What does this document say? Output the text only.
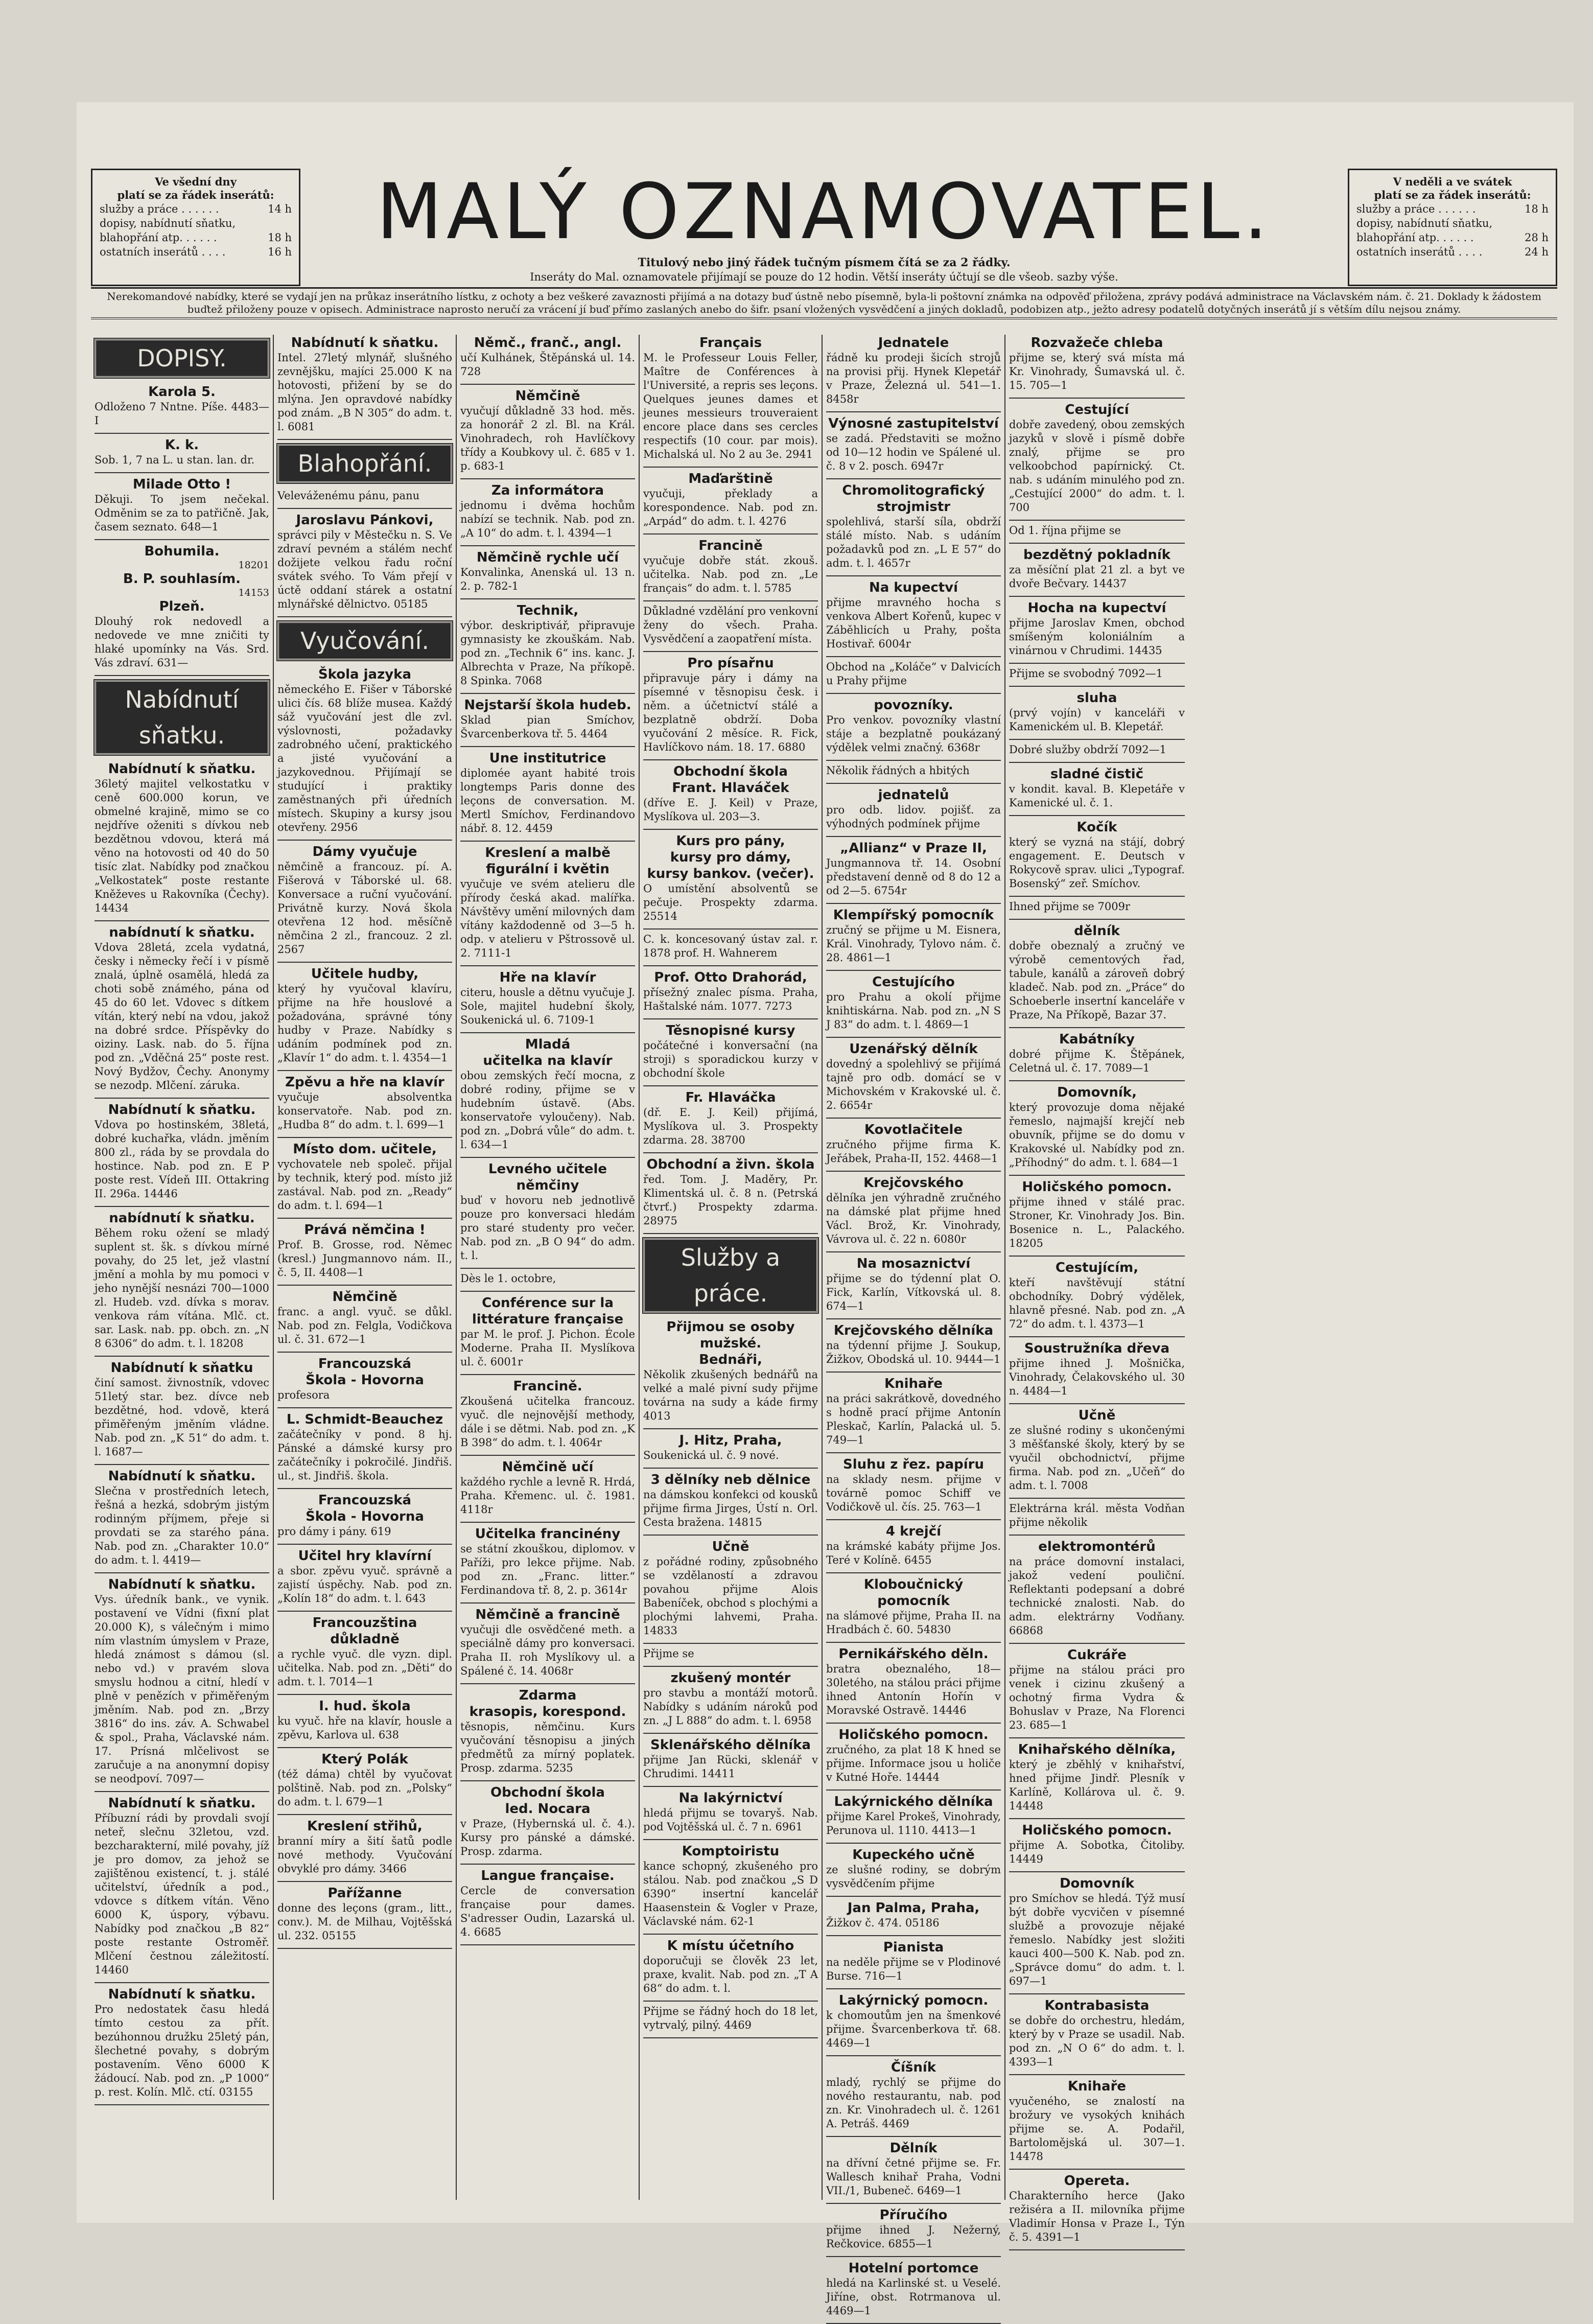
Ve všední dny
platí se za řádek inserátů:
služby a práce . . . . . .	14 h
dopisy, nabídnutí sňatku,
blahopřání atp. . . . . .	18 h
ostatních inserátů . . . .	16 h	MALÝ OZNAMOVATEL.
Titulový nebo jiný řádek tučným písmem čítá se za 2 řádky.
Inseráty do Mal. oznamovatele přijímají se pouze do 12 hodin. Větší inseráty účtují se dle všeob. sazby výše.
V neděli a ve svátek
platí se za řádek inserátů:
služby a práce . . . . . .	18 h
dopisy, nabídnutí sňatku,
blahopřání atp. . . . . .	28 h
ostatních inserátů . . . .	24 h
Nerekomandové nabídky, které se vydají jen na průkaz inserátního lístku, z ochoty a bez veškeré zavaznosti přijímá a na dotazy buď ústně nebo písemně, byla-li poštovní známka na odpověď přiložena, zprávy podává administrace na Václavském nám. č. 21. Doklady k žádostem buďtež přiloženy pouze v opisech. Administrace naprosto neručí za vrácení jí buď přímo zaslaných anebo do šifr. psaní vložených vysvědčení a jiných dokladů, podobizen atp., ježto adresy podatelů dotyčných inserátů jí s větším dílu nejsou známy.
DOPISY.
Karola 5.
Odloženo 7 Nntne. Píše. 4483—I
K. k.
Sob. 1, 7 na L. u stan. lan. dr.
Milade Otto !
Děkuji. To jsem nečekal. Odměnim se za to patřičně. Jak, časem seznato. 648—1
Bohumila.
18201
B. P. souhlasím.
14153
Plzeň.
Dlouhý rok nedovedl a nedovede ve mne zničiti ty hlaké upomínky na Vás. Srd. Vás zdraví. 631—
Nabídnutí sňatku.
Nabídnutí k sňatku.
36letý majitel velkostatku v ceně 600.000 korun, ve obmelné krajině, mimo se co nejdříve oženiti s dívkou neb bezdětnou vdovou, která má věno na hotovosti od 40 do 50 tisíc zlat. Nabídky pod značkou „Velkostatek“ poste restante Kněževes u Rakovníka (Čechy). 14434
nabídnutí k sňatku.
Vdova 28letá, zcela vydatná, česky i německy řečí i v písmě znalá, úplně osamělá, hledá za choti sobě známého, pána od 45 do 60 let. Vdovec s dítkem vítán, který nebí na vdou, jakož na dobré srdce. Příspěvky do oiziny. Lask. nab. do 5. října pod zn. „Vděčná 25“ poste rest. Nový Bydžov, Čechy. Anonymy se nezodp. Mlčení. záruka.
Nabídnutí k sňatku.
Vdova po hostinském, 38letá, dobré kuchařka, vládn. jměním 800 zl., ráda by se provdala do hostince. Nab. pod zn. E P poste rest. Vídeň III. Ottakring II. 296a. 14446
nabídnutí k sňatku.
Během roku ožení se mladý suplent st. šk. s dívkou mírné povahy, do 25 let, jež vlastní jmění a mohla by mu pomoci v jeho nynější nesnázi 700—1000 zl. Hudeb. vzd. dívka s morav. venkova rám vítána. Mlč. ct. sar. Lask. nab. pp. obch. zn. „N 8 6306“ do adm. t. l. 18208
Nabídnutí k sňatku
činí samost. živnostník, vdovec 51letý star. bez. dívce neb bezdětné, hod. vdově, která přiměřeným jměním vládne. Nab. pod zn. „K 51“ do adm. t. l. 1687—
Nabídnutí k sňatku.
Slečna v prostředních letech, řešná a hezká, sdobrým jistým rodinným příjmem, přeje si provdati se za starého pána. Nab. pod zn. „Charakter 10.0“ do adm. t. l. 4419—
Nabídnutí k sňatku.
Vys. úředník bank., ve vynik. postavení ve Vídni (fixní plat 20.000 K), s válečným i mimo ním vlastním úmyslem v Praze, hledá známost s dámou (sl. nebo vd.) v pravém slova smyslu hodnou a citní, hledí v plně v penězích v přiměřeným jměním. Nab. pod zn. „Brzy 3816“ do ins. záv. A. Schwabel & spol., Praha, Václavské nám. 17. Prísná mlčelivost se zaručuje a na anonymní dopisy se neodpoví. 7097—
Nabídnutí k sňatku.
Příbuzní rádi by provdali svojí neteř, slečnu 32letou, vzd. bezcharakterní, milé povahy, jíž je pro domov, za jehož se zajištěnou existencí, t. j. stálé učitelství, úředník a pod., vdovce s dítkem vítán. Věno 6000 K, úspory, výbavu. Nabídky pod značkou „B 82“ poste restante Ostroměř. Mlčení čestnou záležitostí. 14460
Nabídnutí k sňatku.
Pro nedostatek času hledá tímto cestou za přít. bezúhonnou družku 25letý pán, šlechetné povahy, s dobrým postavením. Věno 6000 K žádoucí. Nab. pod zn. „P 1000“ p. rest. Kolín. Mlč. ctí. 03155
Nabídnutí k sňatku.
Intel. 27letý mlynář, slušného zevnějšku, majíci 25.000 K na hotovosti, přižení by se do mlýna. Jen opravdové nabídky pod znám. „B N 305“ do adm. t. l. 6081
Blahopřání.
Veleváženému pánu, panu
Jaroslavu Pánkovi,
správci pily v Městečku n. S. Ve zdraví pevném a stálém nechť dožijete velkou řadu roční svátek svého. To Vám přejí v úctě oddaní stárek a ostatní mlynářské dělnictvo. 05185
Vyučování.
Škola jazyka
německého E. Fišer v Táborské ulici čís. 68 blíže musea. Každý sáž vyučování jest dle zvl. výslovnosti, požadavky zadrobného učení, praktického a jisté vyučování a jazykovednou. Přijímají se studující i praktiky zaměstnaných při úředních místech. Skupiny a kursy jsou otevřeny. 2956
Dámy vyučuje
němčině a francouz. pí. A. Fišerová v Táborské ul. 68. Konversace a ruční vyučování. Privátně kurzy. Nová škola otevřena 12 hod. měsíčně němčina 2 zl., francouz. 2 zl. 2567
Učitele hudby,
který hy vyučoval klavíru, přijme na hře houslové a požadována, správné tóny hudby v Praze. Nabídky s udáním podmínek pod zn. „Klavír 1“ do adm. t. l. 4354—1
Zpěvu a hře na klavír
vyučuje absolventka konservatoře. Nab. pod zn. „Hudba 8“ do adm. t. l. 699—1
Místo dom. učitele,
vychovatele neb společ. přijal by technik, který pod. místo již zastával. Nab. pod zn. „Ready“ do adm. t. l. 694—1
Prává němčina !
Prof. B. Grosse, rod. Němec (kresl.) Jungmannovo nám. II., č. 5, II. 4408—1
Němčině
franc. a angl. vyuč. se důkl. Nab. pod zn. Felgla, Vodičkova ul. č. 31. 672—1
Francouzská
Škola - Hovorna
profesora
L. Schmidt-Beauchez
začátečníky v pond. 8 hj. Pánské a dámské kursy pro začátečníky i pokročilé. Jindřiš. ul., st. Jindřiš. škola.
Francouzská
Škola - Hovorna
pro dámy i pány. 619
Učitel hry klavírní
a sbor. zpěvu vyuč. správně a zajistí úspěchy. Nab. pod zn. „Kolín 18“ do adm. t. l. 643
Francouzština důkladně
a rychle vyuč. dle vyzn. dipl. učitelka. Nab. pod zn. „Děti“ do adm. t. l. 7014—1
I. hud. škola
ku vyuč. hře na klavír, housle a zpěvu, Karlova ul. 638
Který Polák
(též dáma) chtěl by vyučovat polštině. Nab. pod zn. „Polsky“ do adm. t. l. 679—1
Kreslení střihů,
branní míry a šití šatů podle nové methody. Vyučování obvyklé pro dámy. 3466
Pařížanne
donne des leçons (gram., litt., conv.). M. de Milhau, Vojtěšská ul. 232. 05155
Němč., franč., angl.
učí Kulhánek, Štěpánská ul. 14. 728
Němčině
vyučují důkladně 33 hod. měs. za honorář 2 zl. Bl. na Král. Vinohradech, roh Havlíčkovy třídy a Koubkovy ul. č. 685 v 1. p. 683-1
Za informátora
jednomu i dvěma hochům nabízí se technik. Nab. pod zn. „A 10“ do adm. t. l. 4394—1
Němčině rychle učí
Konvalinka, Anenská ul. 13 n. 2. p. 782-1
Technik,
výbor. deskriptivář, připravuje gymnasisty ke zkouškám. Nab. pod zn. „Technik 6“ ins. kanc. J. Albrechta v Praze, Na příkopě. 8 Spinka. 7068
Nejstarší škola hudeb.
Sklad pian Smíchov, Švarcenberkova tř. 5. 4464
Une institutrice
diplomée ayant habité trois longtemps Paris donne des leçons de conversation. M. Mertl Smíchov, Ferdinandovo nábř. 8. 12. 4459
Kreslení a malbě
figurální i květin
vyučuje ve svém atelieru dle přírody česká akad. malířka. Návštěvy umění milovných dam vítány každodenně od 3—5 h. odp. v atelieru v Pštrossově ul. 2. 7111-1
Hře na klavír
citeru, housle a dětnu vyučuje J. Sole, majitel hudební školy, Soukenická ul. 6. 7109-1
Mladá
učitelka na klavír
obou zemských řečí mocna, z dobré rodiny, přijme se v hudebním ústavě. (Abs. konservatoře vyloučeny). Nab. pod zn. „Dobrá vůle“ do adm. t. l. 634—1
Levného učitele
němčiny
buď v hovoru neb jednotlivě pouze pro konversaci hledám pro staré studenty pro večer. Nab. pod zn. „B O 94“ do adm. t. l.
Dès le 1. octobre,
Conférence sur la littérature française
par M. le prof. J. Pichon. École Moderne. Praha II. Myslíkova ul. č. 6001r
Francině.
Zkoušená učitelka francouz. vyuč. dle nejnovější methody, dále i se dětmi. Nab. pod zn. „K B 398“ do adm. t. l. 4064r
Němčině učí
každého rychle a levně R. Hrdá, Praha. Křemenc. ul. č. 1981. 4118r
Učitelka francinény
se státní zkouškou, diplomov. v Paříži, pro lekce přijme. Nab. pod zn. „Franc. litter.“ Ferdinandova tř. 8, 2. p. 3614r
Němčině a francině
vyučuji dle osvědčené meth. a speciálně dámy pro konversaci. Praha II. roh Myslíkovy ul. a Spálené č. 14. 4068r
Zdarma
krasopis, korespond.
těsnopis, němčinu. Kurs vyučování těsnopisu a jiných předmětů za mírný poplatek. Prosp. zdarma. 5235
Obchodní škola
led. Nocara
v Praze, (Hybernská ul. č. 4.). Kursy pro pánské a dámské. Prosp. zdarma.
Langue française.
Cercle de conversation française pour dames. S'adresser Oudin, Lazarská ul. 4. 6685
Français
M. le Professeur Louis Feller, Maître de Conférences à l'Université, a repris ses leçons. Quelques jeunes dames et jeunes messieurs trouveraient encore place dans ses cercles respectifs (10 cour. par mois). Michalská ul. No 2 au 3e. 2941
Maďarštině
vyučuji, překlady a korespondence. Nab. pod zn. „Arpád“ do adm. t. l. 4276
Francině
vyučuje dobře stát. zkouš. učitelka. Nab. pod zn. „Le français“ do adm. t. l. 5785
Důkladné vzdělání pro venkovní ženy do všech. Praha. Vysvědčení a zaopatření místa.
Pro písařnu
připravuje páry i dámy na písemné v těsnopisu česk. i něm. a účetnictví stálé a bezplatně obdrží. Doba vyučování 2 měsíce. R. Fick, Havlíčkovo nám. 18. 17. 6880
Obchodní škola
Frant. Hlaváček
(dříve E. J. Keil) v Praze, Myslíkova ul. 203—3.
Kurs pro pány,
kursy pro dámy,
kursy bankov. (večer).
O umístění absolventů se pečuje. Prospekty zdarma. 25514
C. k. koncesovaný ústav zal. r. 1878 prof. H. Wahnerem
Prof. Otto Drahorád,
přísežný znalec písma. Praha, Haštalské nám. 1077. 7273
Těsnopisné kursy
počátečné i konversační (na stroji) s sporadickou kurzy v obchodní škole
Fr. Hlaváčka
(dř. E. J. Keil) přijímá, Myslíkova ul. 3. Prospekty zdarma. 28. 38700
Obchodní a živn. škola
řed. Tom. J. Maděry, Pr. Klimentská ul. č. 8 n. (Petrská čtvrť.) Prospekty zdarma. 28975
Služby a práce.
Přijmou se osoby mužské.
Bednáři,
Několik zkušených bednářů na velké a malé pivní sudy přijme továrna na sudy a káde firmy 4013
J. Hitz, Praha,
Soukenická ul. č. 9 nové.
3 dělníky neb dělnice
na dámskou konfekci od kousků přijme firma Jirges, Ústí n. Orl. Cesta bražena. 14815
Učně
z pořádné rodiny, způsobného se vzdělaností a zdravou povahou přijme Alois Babeníček, obchod s plochými a plochými lahvemi, Praha. 14833
Přijme se
zkušený montér
pro stavbu a montáží motorů. Nabídky s udáním nároků pod zn. „J L 888“ do adm. t. l. 6958
Sklenářského dělníka
přijme Jan Rücki, sklenář v Chrudimi. 14411
Na lakýrnictví
hledá přijmu se tovaryš. Nab. pod Vojtěšská ul. č. 7 n. 6961
Komptoiristu
kance schopný, zkušeného pro stálou. Nab. pod značkou „S D 6390“ insertní kancelář Haasenstein & Vogler v Praze, Václavské nám. 62-1
K místu účetního
doporučuji se člověk 23 let, praxe, kvalit. Nab. pod zn. „T A 68“ do adm. t. l.
Přijme se řádný hoch do 18 let, vytrvalý, pilný. 4469
Jednatele
řádně ku prodeji šicích strojů na provisi přij. Hynek Klepetář v Praze, Železná ul. 541—1. 8458r
Výnosné zastupitelství
se zadá. Představiti se možno od 10—12 hodin ve Spálené ul. č. 8 v 2. posch. 6947r
Chromolitografický strojmistr
spolehlivá, starší síla, obdrží stálé místo. Nab. s udáním požadavků pod zn. „L E 57“ do adm. t. l. 4657r
Na kupectví
přijme mravného hocha s venkova Albert Kořenů, kupec v Záběhlicích u Prahy, pošta Hostivař. 6004r
Obchod na „Koláče“ v Dalvicích u Prahy přijme
povozníky.
Pro venkov. povozníky vlastní stáje a bezplatně poukázaný výdělek velmi značný. 6368r
Několik řádných a hbitých
jednatelů
pro odb. lidov. pojišť. za výhodných podmínek přijme
„Allianz“ v Praze II,
Jungmannova tř. 14. Osobní představení denně od 8 do 12 a od 2—5. 6754r
Klempířský pomocník
zručný se přijme u M. Eisnera, Král. Vinohrady, Tylovo nám. č. 28. 4861—1
Cestujícího
pro Prahu a okolí přijme knihtiskárna. Nab. pod zn. „N S J 83“ do adm. t. l. 4869—1
Uzenářský dělník
dovedný a spolehlivý se přijímá tajně pro odb. domácí se v Michovském v Krakovské ul. č. 2. 6654r
Kovotlačitele
zručného přijme firma K. Jeřábek, Praha-II, 152. 4468—1
Krejčovského
dělníka jen výhradně zručného na dámské plat přijme hned Václ. Brož, Kr. Vinohrady, Vávrova ul. č. 22 n. 6080r
Na mosaznictví
přijme se do týdenní plat O. Fick, Karlín, Vítkovská ul. 8. 674—1
Krejčovského dělníka
na týdenní přijme J. Soukup, Žižkov, Obodská ul. 10. 9444—1
Knihaře
na práci sakrátkově, dovedného s hodně prací přijme Antonín Pleskač, Karlín, Palacká ul. 5. 749—1
Sluhu z řez. papíru
na sklady nesm. přijme v továrně pomoc Schiff ve Vodičkově ul. čís. 25. 763—1
4 krejčí
na krámské kabáty přijme Jos. Teré v Kolíně. 6455
Kloboučnický pomocník
na slámové přijme, Praha II. na Hradbách č. 60. 54830
Pernikářského děln.
bratra obeznalého, 18—30letého, na stálou práci přijme ihned Antonín Hořín v Moravské Ostravě. 14446
Holičského pomocn.
zručného, za plat 18 K hned se přijme. Informace jsou u holiče v Kutné Hoře. 14444
Lakýrnického dělníka
přijme Karel Prokeš, Vinohrady, Perunova ul. 1110. 4413—1
Kupeckého učně
ze slušné rodiny, se dobrým vysvědčením přijme
Jan Palma, Praha,
Žižkov č. 474. 05186
Pianista
na neděle přijme se v Plodinové Burse. 716—1
Lakýrnický pomocn.
k chomoutům jen na šmenkové přijme. Švarcenberkova tř. 68. 4469—1
Číšník
mladý, rychlý se přijme do nového restaurantu, nab. pod zn. Kr. Vinohradech ul. č. 1261 A. Petráš. 4469
Dělník
na dřívní četné přijme se. Fr. Wallesch knihař Praha, Vodni VII./1, Bubeneč. 6469—1
Příručího
přijme ihned J. Nežerný, Rečkovice. 6855—1
Hotelní portomce
hledá na Karlinské st. u Veselé. Jiříne, obst. Rotrmanova ul. 4469—1
Rozvažeče chleba
přijme se, který svá místa má Kr. Vinohrady, Šumavská ul. č. 15. 705—1
Cestující
dobře zavedený, obou zemských jazyků v slově i písmě dobře znalý, přijme se pro velkoobchod papírnický. Ct. nab. s udáním minulého pod zn. „Cestující 2000“ do adm. t. l. 700
Od 1. října přijme se
bezdětný pokladník
za měsíční plat 21 zl. a byt ve dvoře Bečvary. 14437
Hocha na kupectví
přijme Jaroslav Kmen, obchod smíšeným koloniálním a vinárnou v Chrudimi. 14435
Přijme se svobodný 7092—1
sluha
(prvý vojín) v kanceláři v Kamenickém ul. B. Klepetář.
Dobré služby obdrží 7092—1
sladné čistič
v kondit. kaval. B. Klepetáře v Kamenické ul. č. 1.
Kočík
který se vyzná na stájí, dobrý engagement. E. Deutsch v Rokycově sprav. ulici „Typograf. Bosenský“ zeř. Smíchov.
Ihned přijme se 7009r
dělník
dobře obeznalý a zručný ve výrobě cementových řad, tabule, kanálů a zároveň dobrý kladeč. Nab. pod zn. „Práce“ do Schoeberle insertní kanceláře v Praze, Na Příkopě, Bazar 37.
Kabátníky
dobré přijme K. Štěpánek, Celetná ul. č. 17. 7089—1
Domovník,
který provozuje doma nějaké řemeslo, najmajší krejčí neb obuvník, přijme se do domu v Krakovské ul. Nabídky pod zn. „Příhodný“ do adm. t. l. 684—1
Holičského pomocn.
přijme ihned v stálé prac. Stroner, Kr. Vinohrady Jos. Bin. Bosenice n. L., Palackého. 18205
Cestujícím,
kteří navštěvují státní obchodníky. Dobrý výdělek, hlavně přesné. Nab. pod zn. „A 72“ do adm. t. l. 4373—1
Soustružníka dřeva
přijme ihned J. Mošnička, Vinohrady, Čelakovského ul. 30 n. 4484—1
Učně
ze slušné rodiny s ukončenými 3 měšťanské školy, který by se vyučil obchodnictví, přijme firma. Nab. pod zn. „Učeň“ do adm. t. l. 7008
Elektrárna král. města Vodňan přijme několik
elektromontérů
na práce domovní instalaci, jakož vedení pouliční. Reflektanti podepsaní a dobré technické znalosti. Nab. do adm. elektrárny Vodňany. 66868
Cukráře
přijme na stálou práci pro venek i cizinu zkušený a ochotný firma Vydra & Bohuslav v Praze, Na Florenci 23. 685—1
Knihařského dělníka,
který je zběhlý v knihařství, hned přijme Jindř. Plesník v Karlíně, Kollárova ul. č. 9. 14448
Holičského pomocn.
přijme A. Sobotka, Čitoliby. 14449
Domovník
pro Smíchov se hledá. Týž musí být dobře vycvičen v písemné službě a provozuje nějaké řemeslo. Nabídky jest složiti kauci 400—500 K. Nab. pod zn. „Správce domu“ do adm. t. l. 697—1
Kontrabasista
se dobře do orchestru, hledám, který by v Praze se usadil. Nab. pod zn. „N O 6“ do adm. t. l. 4393—1
Knihaře
vyučeného, se znalostí na brožury ve vysokých knihách přijme se. A. Podařil, Bartolomějská ul. 307—1. 14478
Opereta.
Charakterního herce (Jako režiséra a II. milovníka přijme Vladimír Honsa v Praze I., Týn č. 5. 4391—1
